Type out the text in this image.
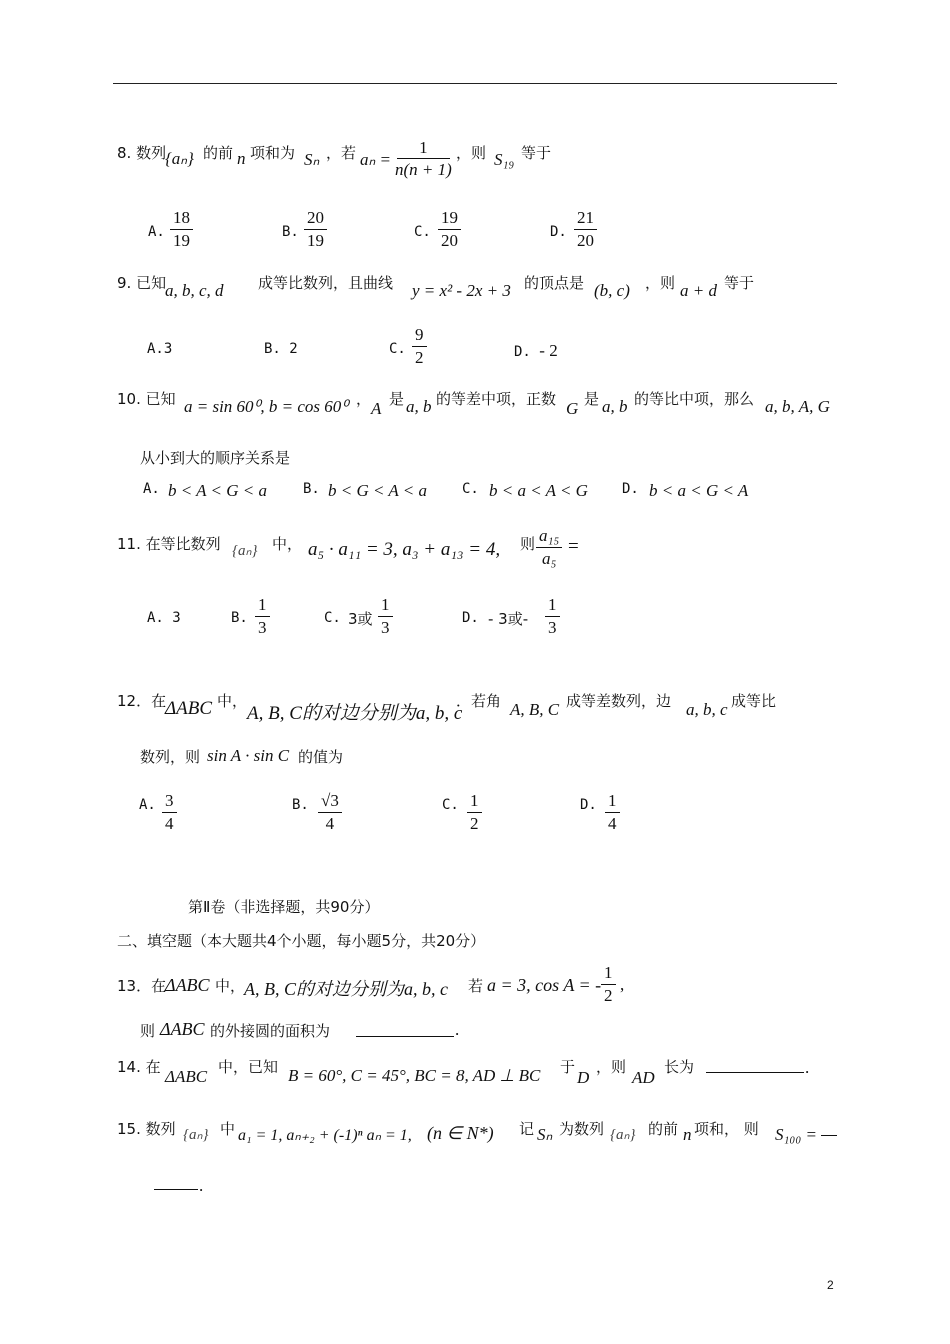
8. 数列
{aₙ} 的前 n 项和为 Sₙ ，若 $a_n = \frac{1}{n(n + 1)}$ ，则 S₁₉ 等于
A. $\frac{18}{19}$	B. $\frac{20}{19}$	C. $\frac{19}{20}$	D. $\frac{21}{20}$
9. 已知
a, b, c, d 成等比数列，且曲线 y = x² - 2x + 3 的顶点是 (b, c) ，则 a + d 等于
A.3	B. 2	C. $\frac{9}{2}$	D. - 2
10. 已知 a = sin 60⁰, b = cos 60⁰ ， A 是 a, b 的等差中项，正数 G 是 a, b 的等比中项，那么 a, b, A, G
从小到大的顺序关系是
A. b < A < G < a	B. b < G < A < a	C. b < a < A < G D. b < a < G < A
11. 在等比数列 {aₙ} 中， a₅ · a₁₁ = 3, a₃ + a₁₃ = 4, 则 $\frac{\text{a₁₅}}{\text{a₅}}$ =
A. 3	B. $\frac{1}{3}$	C. 3或 $\frac{1}{3}$	D. - 3或- $\frac{1}{3}$
12．在
ΔABC 中，
A, B, C的对边分别为a, b, c
．若角 A, B, C 成等差数列，边 a, b, c 成等比
数列，则 sin A · sin C 的值为
A. $\frac{3}{4}$	B. $\frac{√3}{4}$	C. $\frac{1}{2}$	D. $\frac{1}{4}$
第Ⅱ卷（非选择题，共90分）
二、填空题（本大题共4个小题，每小题5分，共20分）
13．在
ΔABC 中，
A, B, C的对边分别为a, b, c 若 a = 3, cos A = - $\frac{1}{2}$ ,
则 ΔABC 的外接圆的面积为	.
14. 在 ΔABC 中，已知 B = 60°, C = 45°, BC = 8, AD ⊥ BC 于
D
，则
AD
长为	.
15. 数列 {aₙ} 中 a₁ = 1, aₙ₊₂ + (-1)ⁿ aₙ = 1, (n ∈ N*) 记 Sₙ 为数列 {aₙ} 的前 n 项和， 则 S₁₀₀ =
.
2
